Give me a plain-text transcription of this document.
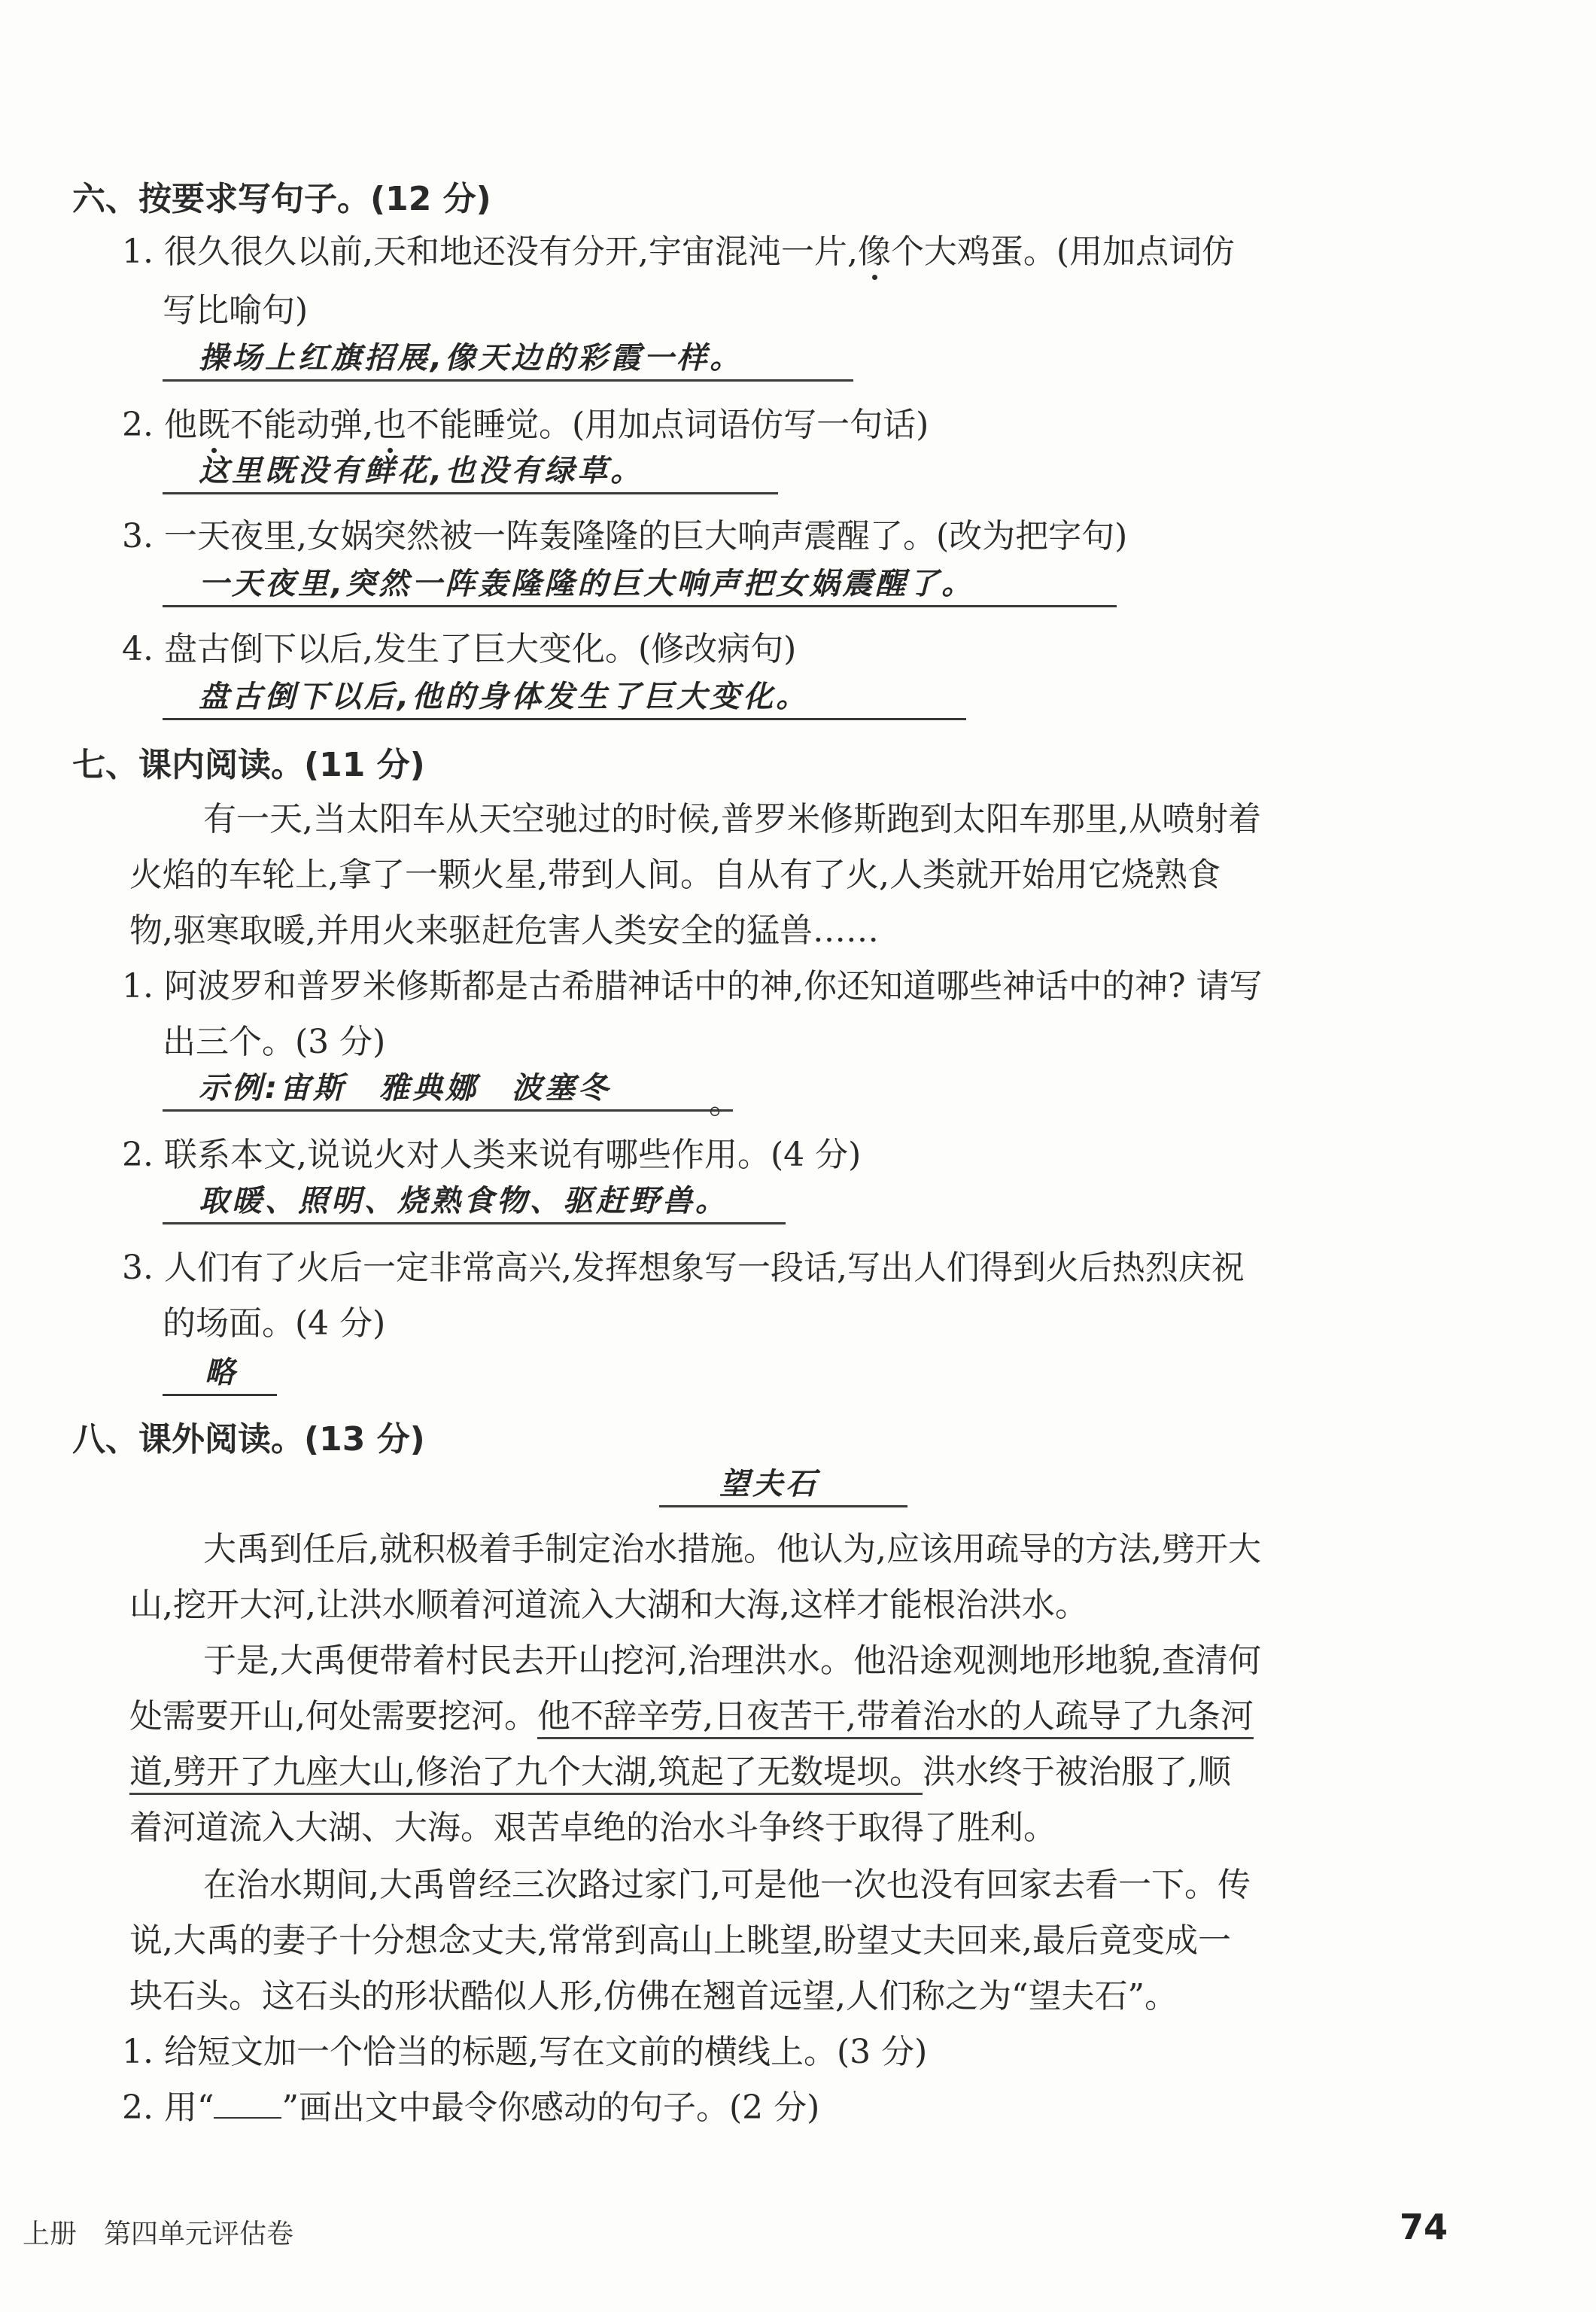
六、按要求写句子。(12 分)
1. 很久很久以前,天和地还没有分开,宇宙混沌一片,像个大鸡蛋。(用加点词仿
写比喻句)
操场上红旗招展,像天边的彩霞一样。
2. 他既不能动弹,也不能睡觉。(用加点词语仿写一句话)
这里既没有鲜花,也没有绿草。
3. 一天夜里,女娲突然被一阵轰隆隆的巨大响声震醒了。(改为把字句)
一天夜里,突然一阵轰隆隆的巨大响声把女娲震醒了。
4. 盘古倒下以后,发生了巨大变化。(修改病句)
盘古倒下以后,他的身体发生了巨大变化。
七、课内阅读。(11 分)
有一天,当太阳车从天空驰过的时候,普罗米修斯跑到太阳车那里,从喷射着
火焰的车轮上,拿了一颗火星,带到人间。自从有了火,人类就开始用它烧熟食
物,驱寒取暖,并用火来驱赶危害人类安全的猛兽……
1. 阿波罗和普罗米修斯都是古希腊神话中的神,你还知道哪些神话中的神? 请写
出三个。(3 分)
示例:宙斯　雅典娜　波塞冬	。
2. 联系本文,说说火对人类来说有哪些作用。(4 分)
取暖、照明、烧熟食物、驱赶野兽。
3. 人们有了火后一定非常高兴,发挥想象写一段话,写出人们得到火后热烈庆祝
的场面。(4 分)
略
八、课外阅读。(13 分)
望夫石
大禹到任后,就积极着手制定治水措施。他认为,应该用疏导的方法,劈开大
山,挖开大河,让洪水顺着河道流入大湖和大海,这样才能根治洪水。
于是,大禹便带着村民去开山挖河,治理洪水。他沿途观测地形地貌,查清何
处需要开山,何处需要挖河。他不辞辛劳,日夜苦干,带着治水的人疏导了九条河
道,劈开了九座大山,修治了九个大湖,筑起了无数堤坝。洪水终于被治服了,顺
着河道流入大湖、大海。艰苦卓绝的治水斗争终于取得了胜利。
在治水期间,大禹曾经三次路过家门,可是他一次也没有回家去看一下。传
说,大禹的妻子十分想念丈夫,常常到高山上眺望,盼望丈夫回来,最后竟变成一
块石头。这石头的形状酷似人形,仿佛在翘首远望,人们称之为“望夫石”。
1. 给短文加一个恰当的标题,写在文前的横线上。(3 分)
2. 用“ ”画出文中最令你感动的句子。(2 分)
上册　第四单元评估卷	74
